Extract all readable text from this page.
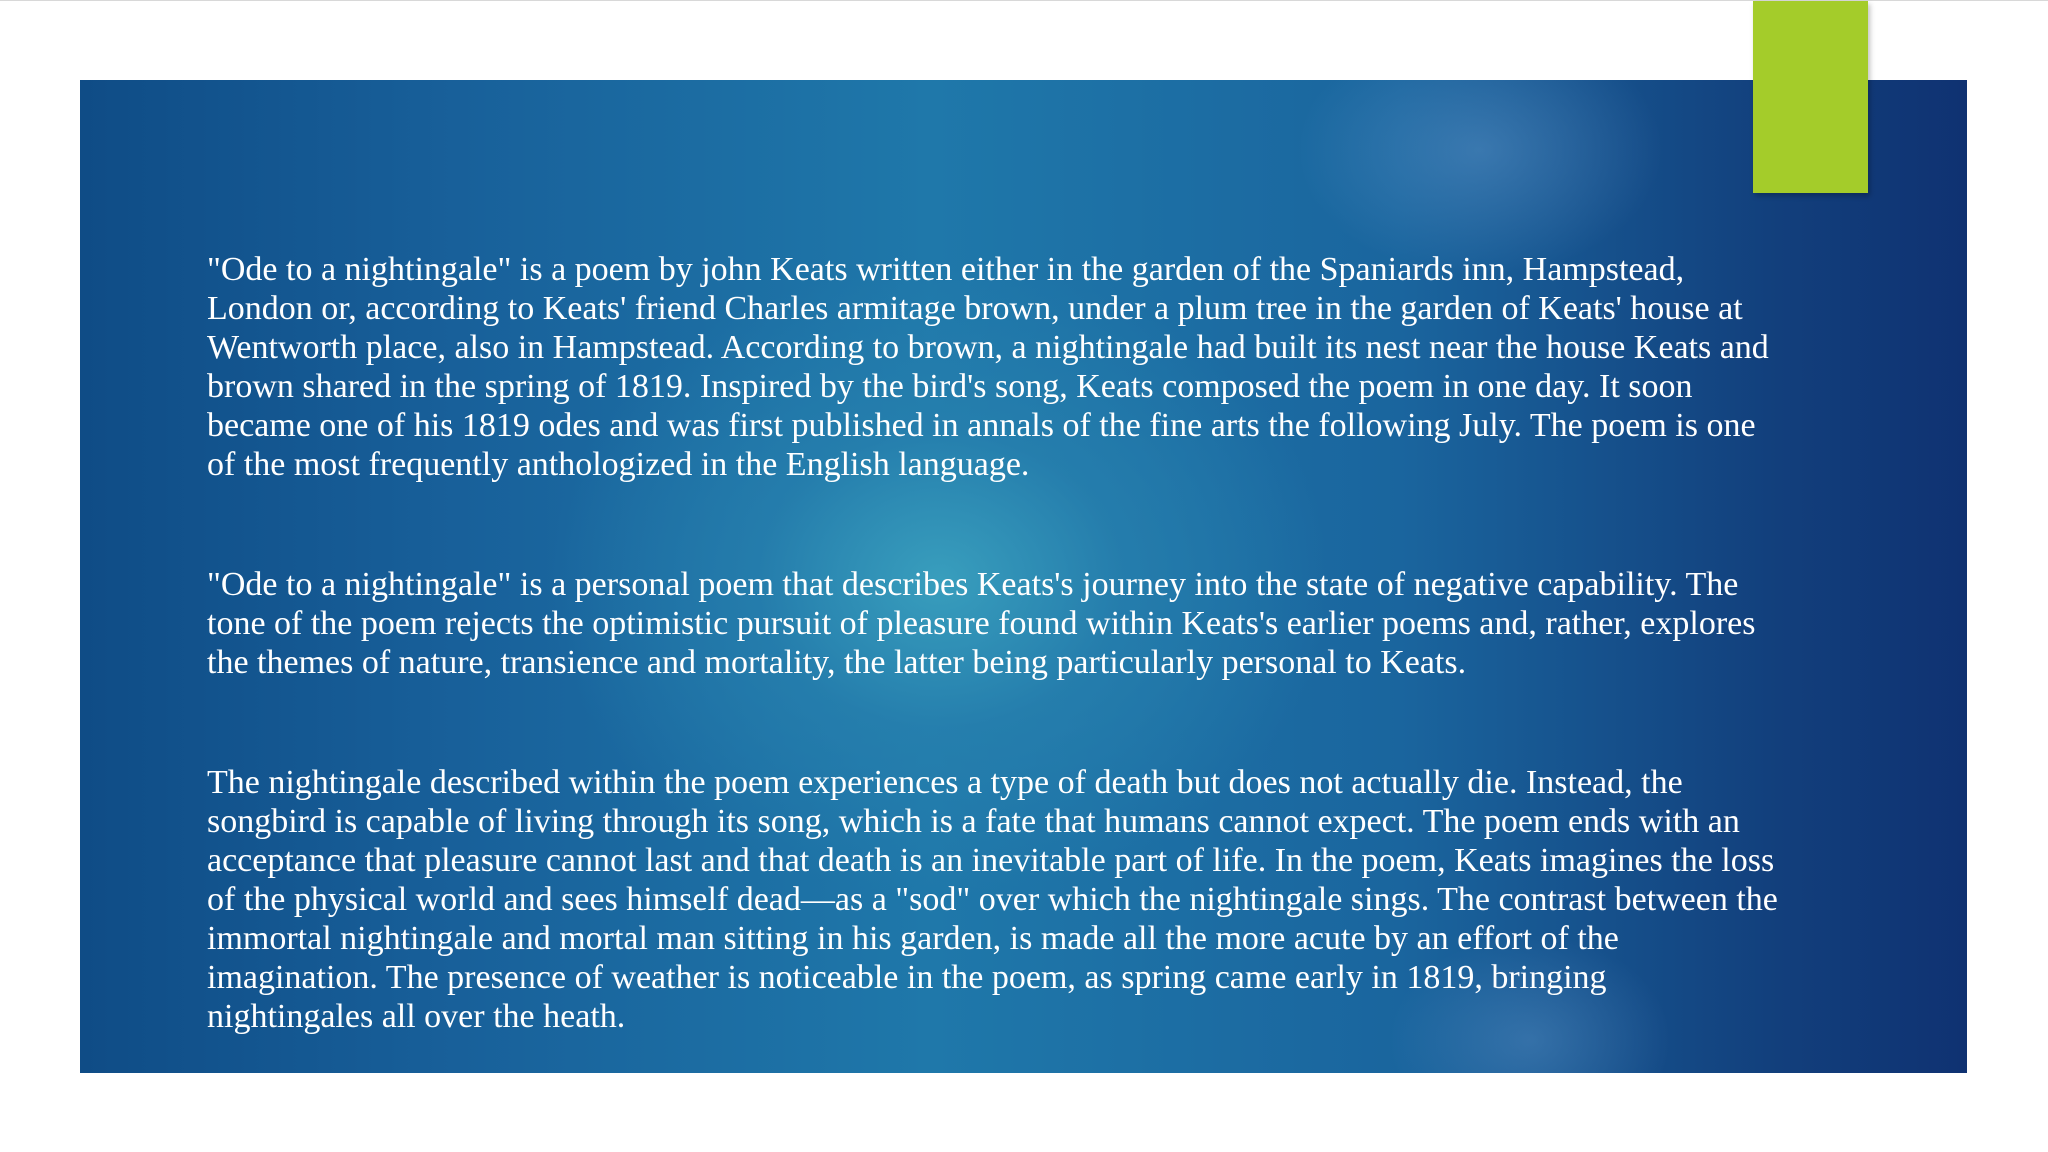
"Ode to a nightingale" is a poem by john Keats written either in the garden of the Spaniards inn, Hampstead,
London or, according to Keats' friend Charles armitage brown, under a plum tree in the garden of Keats' house at
Wentworth place, also in Hampstead. According to brown, a nightingale had built its nest near the house Keats and
brown shared in the spring of 1819. Inspired by the bird's song, Keats composed the poem in one day. It soon
became one of his 1819 odes and was first published in annals of the fine arts the following July. The poem is one
of the most frequently anthologized in the English language.

"Ode to a nightingale" is a personal poem that describes Keats's journey into the state of negative capability. The
tone of the poem rejects the optimistic pursuit of pleasure found within Keats's earlier poems and, rather, explores
the themes of nature, transience and mortality, the latter being particularly personal to Keats.

The nightingale described within the poem experiences a type of death but does not actually die. Instead, the
songbird is capable of living through its song, which is a fate that humans cannot expect. The poem ends with an
acceptance that pleasure cannot last and that death is an inevitable part of life. In the poem, Keats imagines the loss
of the physical world and sees himself dead—as a "sod" over which the nightingale sings. The contrast between the
immortal nightingale and mortal man sitting in his garden, is made all the more acute by an effort of the
imagination. The presence of weather is noticeable in the poem, as spring came early in 1819, bringing
nightingales all over the heath.
